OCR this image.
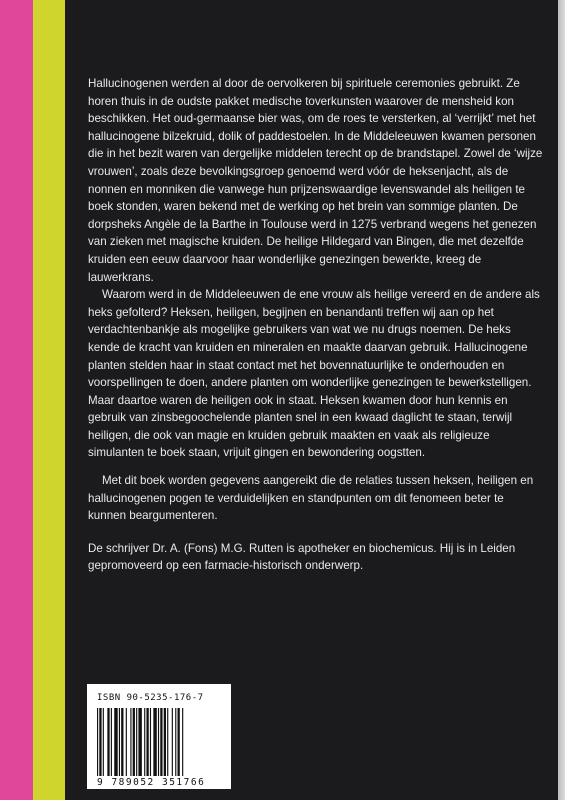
Hallucinogenen werden al door de oervolkeren bij spirituele ceremonies gebruikt. Ze horen thuis in de oudste pakket medische toverkunsten waarover de mensheid kon beschikken. Het oud-germaanse bier was, om de roes te versterken, al ‘verrijkt’ met het hallucinogene bilzekruid, dolik of paddestoelen. In de Middeleeuwen kwamen personen die in het bezit waren van dergelijke middelen terecht op de brandstapel. Zowel de ‘wijze vrouwen’, zoals deze bevolkingsgroep genoemd werd vóór de heksenjacht, als de nonnen en monniken die vanwege hun prijzenswaardige levenswandel als heiligen te boek stonden, waren bekend met de werking op het brein van sommige planten. De dorpsheks Angèle de la Barthe in Toulouse werd in 1275 verbrand wegens het genezen van zieken met magische kruiden. De heilige Hildegard van Bingen, die met dezelfde kruiden een eeuw daarvoor haar wonderlijke genezingen bewerkte, kreeg de lauwerkrans.

Waarom werd in de Middeleeuwen de ene vrouw als heilige vereerd en de andere als heks gefolterd? Heksen, heiligen, begijnen en benandanti treffen wij aan op het verdachtenbankje als mogelijke gebruikers van wat we nu drugs noemen. De heks kende de kracht van kruiden en mineralen en maakte daarvan gebruik. Hallucinogene planten stelden haar in staat contact met het bovennatuurlijke te onderhouden en voorspellingen te doen, andere planten om wonderlijke genezingen te bewerkstelligen. Maar daartoe waren de heiligen ook in staat. Heksen kwamen door hun kennis en gebruik van zinsbegoochelende planten snel in een kwaad daglicht te staan, terwijl heiligen, die ook van magie en kruiden gebruik maakten en vaak als religieuze simulanten te boek staan, vrijuit gingen en bewondering oogstten.

Met dit boek worden gegevens aangereikt die de relaties tussen heksen, heiligen en hallucinogenen pogen te verduidelijken en standpunten om dit fenomeen beter te kunnen beargumenteren.

De schrijver Dr. A. (Fons) M.G. Rutten is apotheker en biochemicus. Hij is in Leiden gepromoveerd op een farmacie-historisch onderwerp.

ISBN 90-5235-176-7
9 789052 351766
